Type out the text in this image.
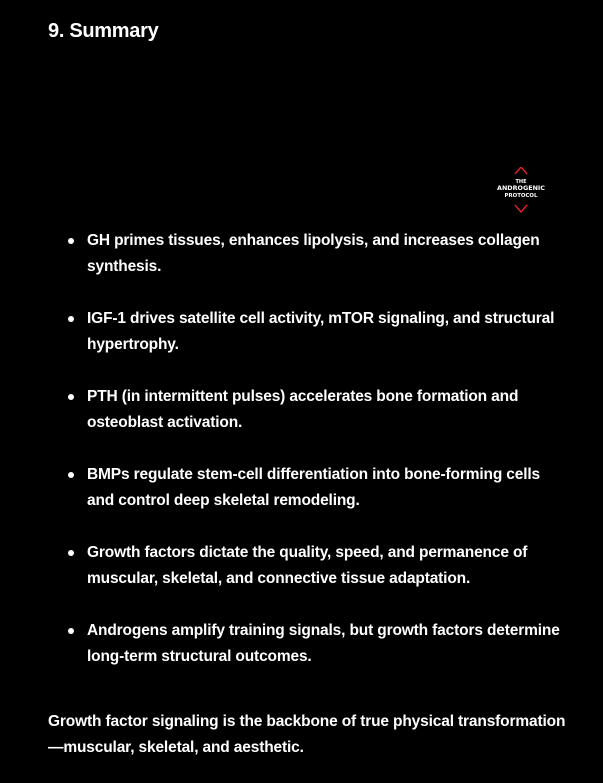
9. Summary
THE
ANDROGENIC
PROTOCOL
GH primes tissues, enhances lipolysis, and increases collagen synthesis.
IGF-1 drives satellite cell activity, mTOR signaling, and structural hypertrophy.
PTH (in intermittent pulses) accelerates bone formation and osteoblast activation.
BMPs regulate stem-cell differentiation into bone-forming cells and control deep skeletal remodeling.
Growth factors dictate the quality, speed, and permanence of muscular, skeletal, and connective tissue adaptation.
Androgens amplify training signals, but growth factors determine long-term structural outcomes.

Growth factor signaling is the backbone of true physical transformation—muscular, skeletal, and aesthetic.
